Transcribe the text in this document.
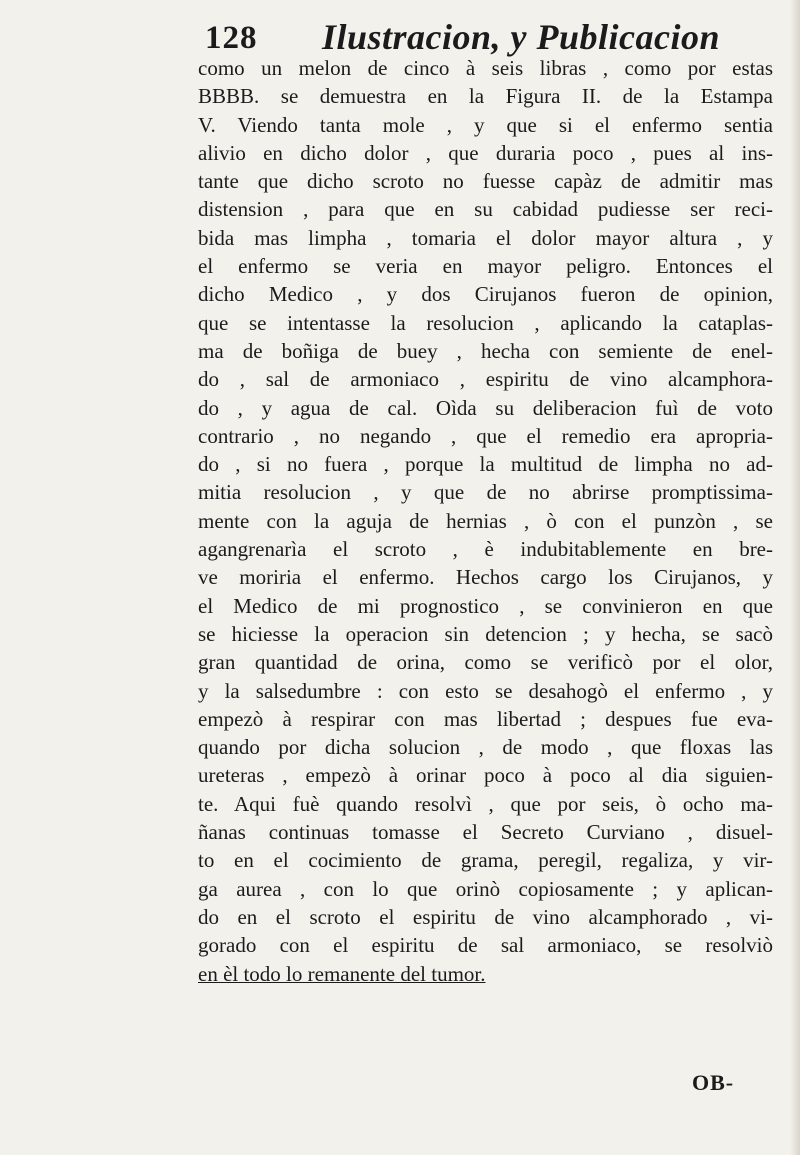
128 Ilustracion, y Publicacion
como un melon de cinco à seis libras , como por estas
BBBB. se demuestra en la Figura II. de la Estampa
V. Viendo tanta mole , y que si el enfermo sentia
alivio en dicho dolor , que duraria poco , pues al ins-
tante que dicho scroto no fuesse capàz de admitir mas
distension , para que en su cabidad pudiesse ser reci-
bida mas limpha , tomaria el dolor mayor altura , y
el enfermo se veria en mayor peligro. Entonces el
dicho Medico , y dos Cirujanos fueron de opinion,
que se intentasse la resolucion , aplicando la cataplas-
ma de boñiga de buey , hecha con semiente de enel-
do , sal de armoniaco , espiritu de vino alcamphora-
do , y agua de cal. Oìda su deliberacion fuì de voto
contrario , no negando , que el remedio era apropria-
do , si no fuera , porque la multitud de limpha no ad-
mitia resolucion , y que de no abrirse promptissima-
mente con la aguja de hernias , ò con el punzòn , se
agangrenarìa el scroto , è indubitablemente en bre-
ve moriria el enfermo. Hechos cargo los Cirujanos, y
el Medico de mi prognostico , se convinieron en que
se hiciesse la operacion sin detencion ; y hecha, se sacò
gran quantidad de orina, como se verificò por el olor,
y la salsedumbre : con esto se desahogò el enfermo , y
empezò à respirar con mas libertad ; despues fue eva-
quando por dicha solucion , de modo , que floxas las
ureteras , empezò à orinar poco à poco al dia siguien-
te. Aqui fuè quando resolvì , que por seis, ò ocho ma-
ñanas continuas tomasse el Secreto Curviano , disuel-
to en el cocimiento de grama, peregil, regaliza, y vir-
ga aurea , con lo que orinò copiosamente ; y aplican-
do en el scroto el espiritu de vino alcamphorado , vi-
gorado con el espiritu de sal armoniaco, se resolviò
en èl todo lo remanente del tumor.
OB-
